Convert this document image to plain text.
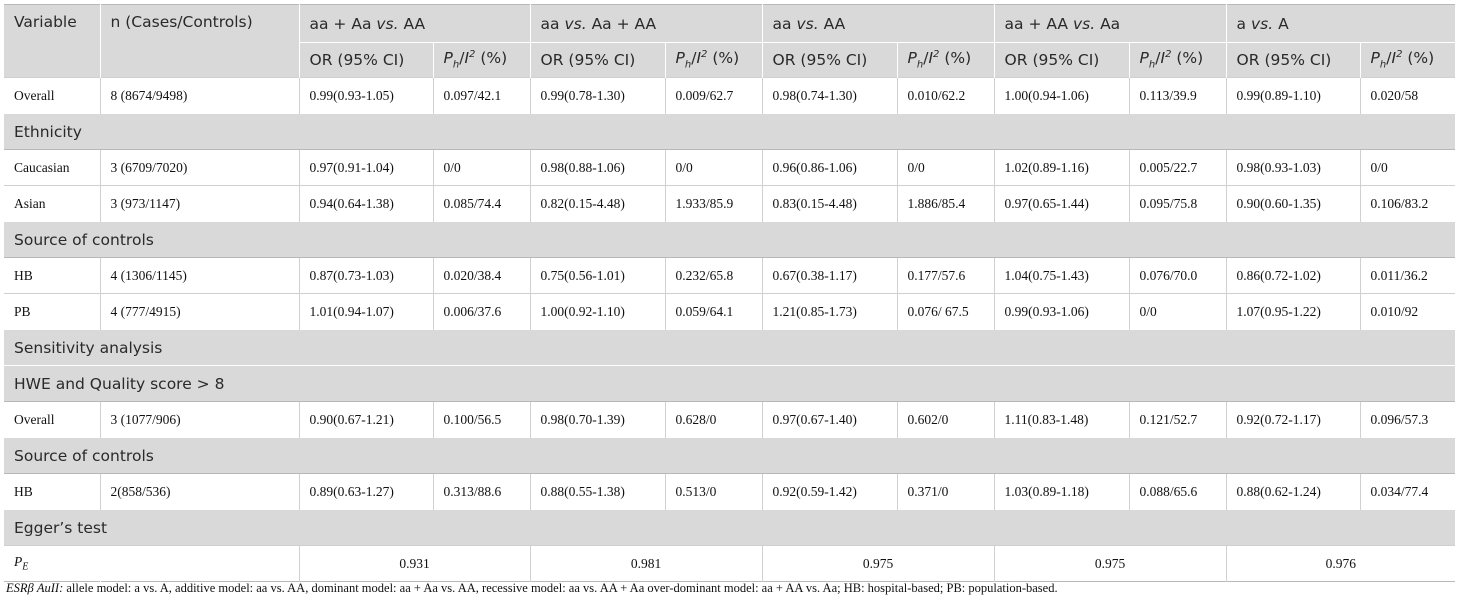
Variable	n (Cases/Controls)	aa + Aa vs. AA		aa vs. Aa + AA		aa vs. AA		aa + AA vs. Aa		a vs. A	
		OR (95% CI)	$P_h/I^2$ (%)	OR (95% CI)	$P_h/I^2$ (%)	OR (95% CI)	$P_h/I^2$ (%)	OR (95% CI)	$P_h/I^2$ (%)	OR (95% CI)	$P_h/I^2$ (%)
Overall	8 (8674/9498)	0.99(0.93-1.05)	0.097/42.1	0.99(0.78-1.30)	0.009/62.7	0.98(0.74-1.30)	0.010/62.2	1.00(0.94-1.06)	0.113/39.9	0.99(0.89-1.10)	0.020/58
Ethnicity											
Caucasian	3 (6709/7020)	0.97(0.91-1.04)	0/0	0.98(0.88-1.06)	0/0	0.96(0.86-1.06)	0/0	1.02(0.89-1.16)	0.005/22.7	0.98(0.93-1.03)	0/0
Asian	3 (973/1147)	0.94(0.64-1.38)	0.085/74.4	0.82(0.15-4.48)	1.933/85.9	0.83(0.15-4.48)	1.886/85.4	0.97(0.65-1.44)	0.095/75.8	0.90(0.60-1.35)	0.106/83.2
Source of controls											
HB	4 (1306/1145)	0.87(0.73-1.03)	0.020/38.4	0.75(0.56-1.01)	0.232/65.8	0.67(0.38-1.17)	0.177/57.6	1.04(0.75-1.43)	0.076/70.0	0.86(0.72-1.02)	0.011/36.2
PB	4 (777/4915)	1.01(0.94-1.07)	0.006/37.6	1.00(0.92-1.10)	0.059/64.1	1.21(0.85-1.73)	0.076/ 67.5	0.99(0.93-1.06)	0/0	1.07(0.95-1.22)	0.010/92
Sensitivity analysis											
HWE and Quality score > 8											
Overall	3 (1077/906)	0.90(0.67-1.21)	0.100/56.5	0.98(0.70-1.39)	0.628/0	0.97(0.67-1.40)	0.602/0	1.11(0.83-1.48)	0.121/52.7	0.92(0.72-1.17)	0.096/57.3
Source of controls											
HB	2(858/536)	0.89(0.63-1.27)	0.313/88.6	0.88(0.55-1.38)	0.513/0	0.92(0.59-1.42)	0.371/0	1.03(0.89-1.18)	0.088/65.6	0.88(0.62-1.24)	0.034/77.4
Egger’s test											
$P_E$		0.931		0.981		0.975		0.975		0.976	
ESRβ AuII: allele model: a vs. A, additive model: aa vs. AA, dominant model: aa + Aa vs. AA, recessive model: aa vs. AA + Aa over-dominant model: aa + AA vs. Aa; HB: hospital-based; PB: population-based.
